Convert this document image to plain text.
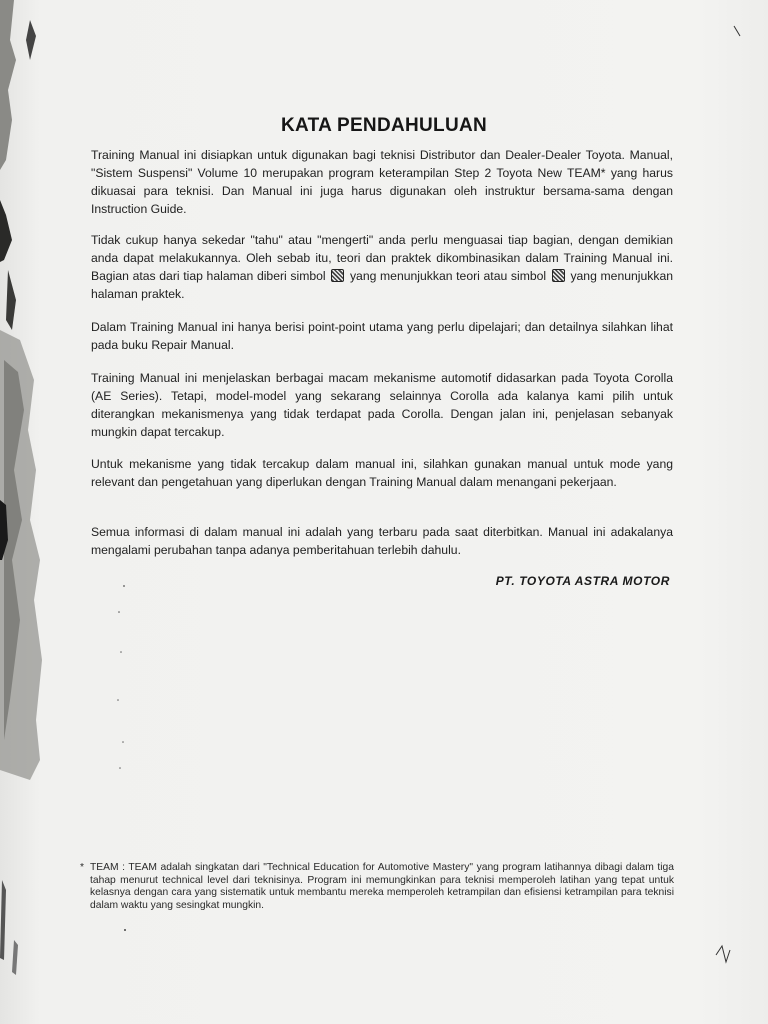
KATA PENDAHULUAN

Training Manual ini disiapkan untuk digunakan bagi teknisi Distributor dan Dealer-Dealer Toyota. Manual, "Sistem Suspensi" Volume 10 merupakan program keterampilan Step 2 Toyota New TEAM* yang harus dikuasai para teknisi. Dan Manual ini juga harus digunakan oleh instruktur bersama-sama dengan Instruction Guide.

Tidak cukup hanya sekedar "tahu" atau "mengerti" anda perlu menguasai tiap bagian, dengan demikian anda dapat melakukannya. Oleh sebab itu, teori dan praktek dikombinasikan dalam Training Manual ini. Bagian atas dari tiap halaman diberi simbol yang menunjukkan teori atau simbol yang menunjukkan halaman praktek.

Dalam Training Manual ini hanya berisi point-point utama yang perlu dipelajari; dan detailnya silahkan lihat pada buku Repair Manual.

Training Manual ini menjelaskan berbagai macam mekanisme automotif didasarkan pada Toyota Corolla (AE Series). Tetapi, model-model yang sekarang selainnya Corolla ada kalanya kami pilih untuk diterangkan mekanismenya yang tidak terdapat pada Corolla. Dengan jalan ini, penjelasan sebanyak mungkin dapat tercakup.

Untuk mekanisme yang tidak tercakup dalam manual ini, silahkan gunakan manual untuk mode yang relevant dan pengetahuan yang diperlukan dengan Training Manual dalam menangani pekerjaan.

Semua informasi di dalam manual ini adalah yang terbaru pada saat diterbitkan. Manual ini adakalanya mengalami perubahan tanpa adanya pemberitahuan terlebih dahulu.

PT. TOYOTA ASTRA MOTOR
* TEAM : TEAM adalah singkatan dari "Technical Education for Automotive Mastery" yang program latihannya dibagi dalam tiga tahap menurut technical level dari teknisinya. Program ini memungkinkan para teknisi memperoleh latihan yang tepat untuk kelasnya dengan cara yang sistematik untuk membantu mereka memperoleh ketrampilan dan efisiensi ketrampilan para teknisi dalam waktu yang sesingkat mungkin.
